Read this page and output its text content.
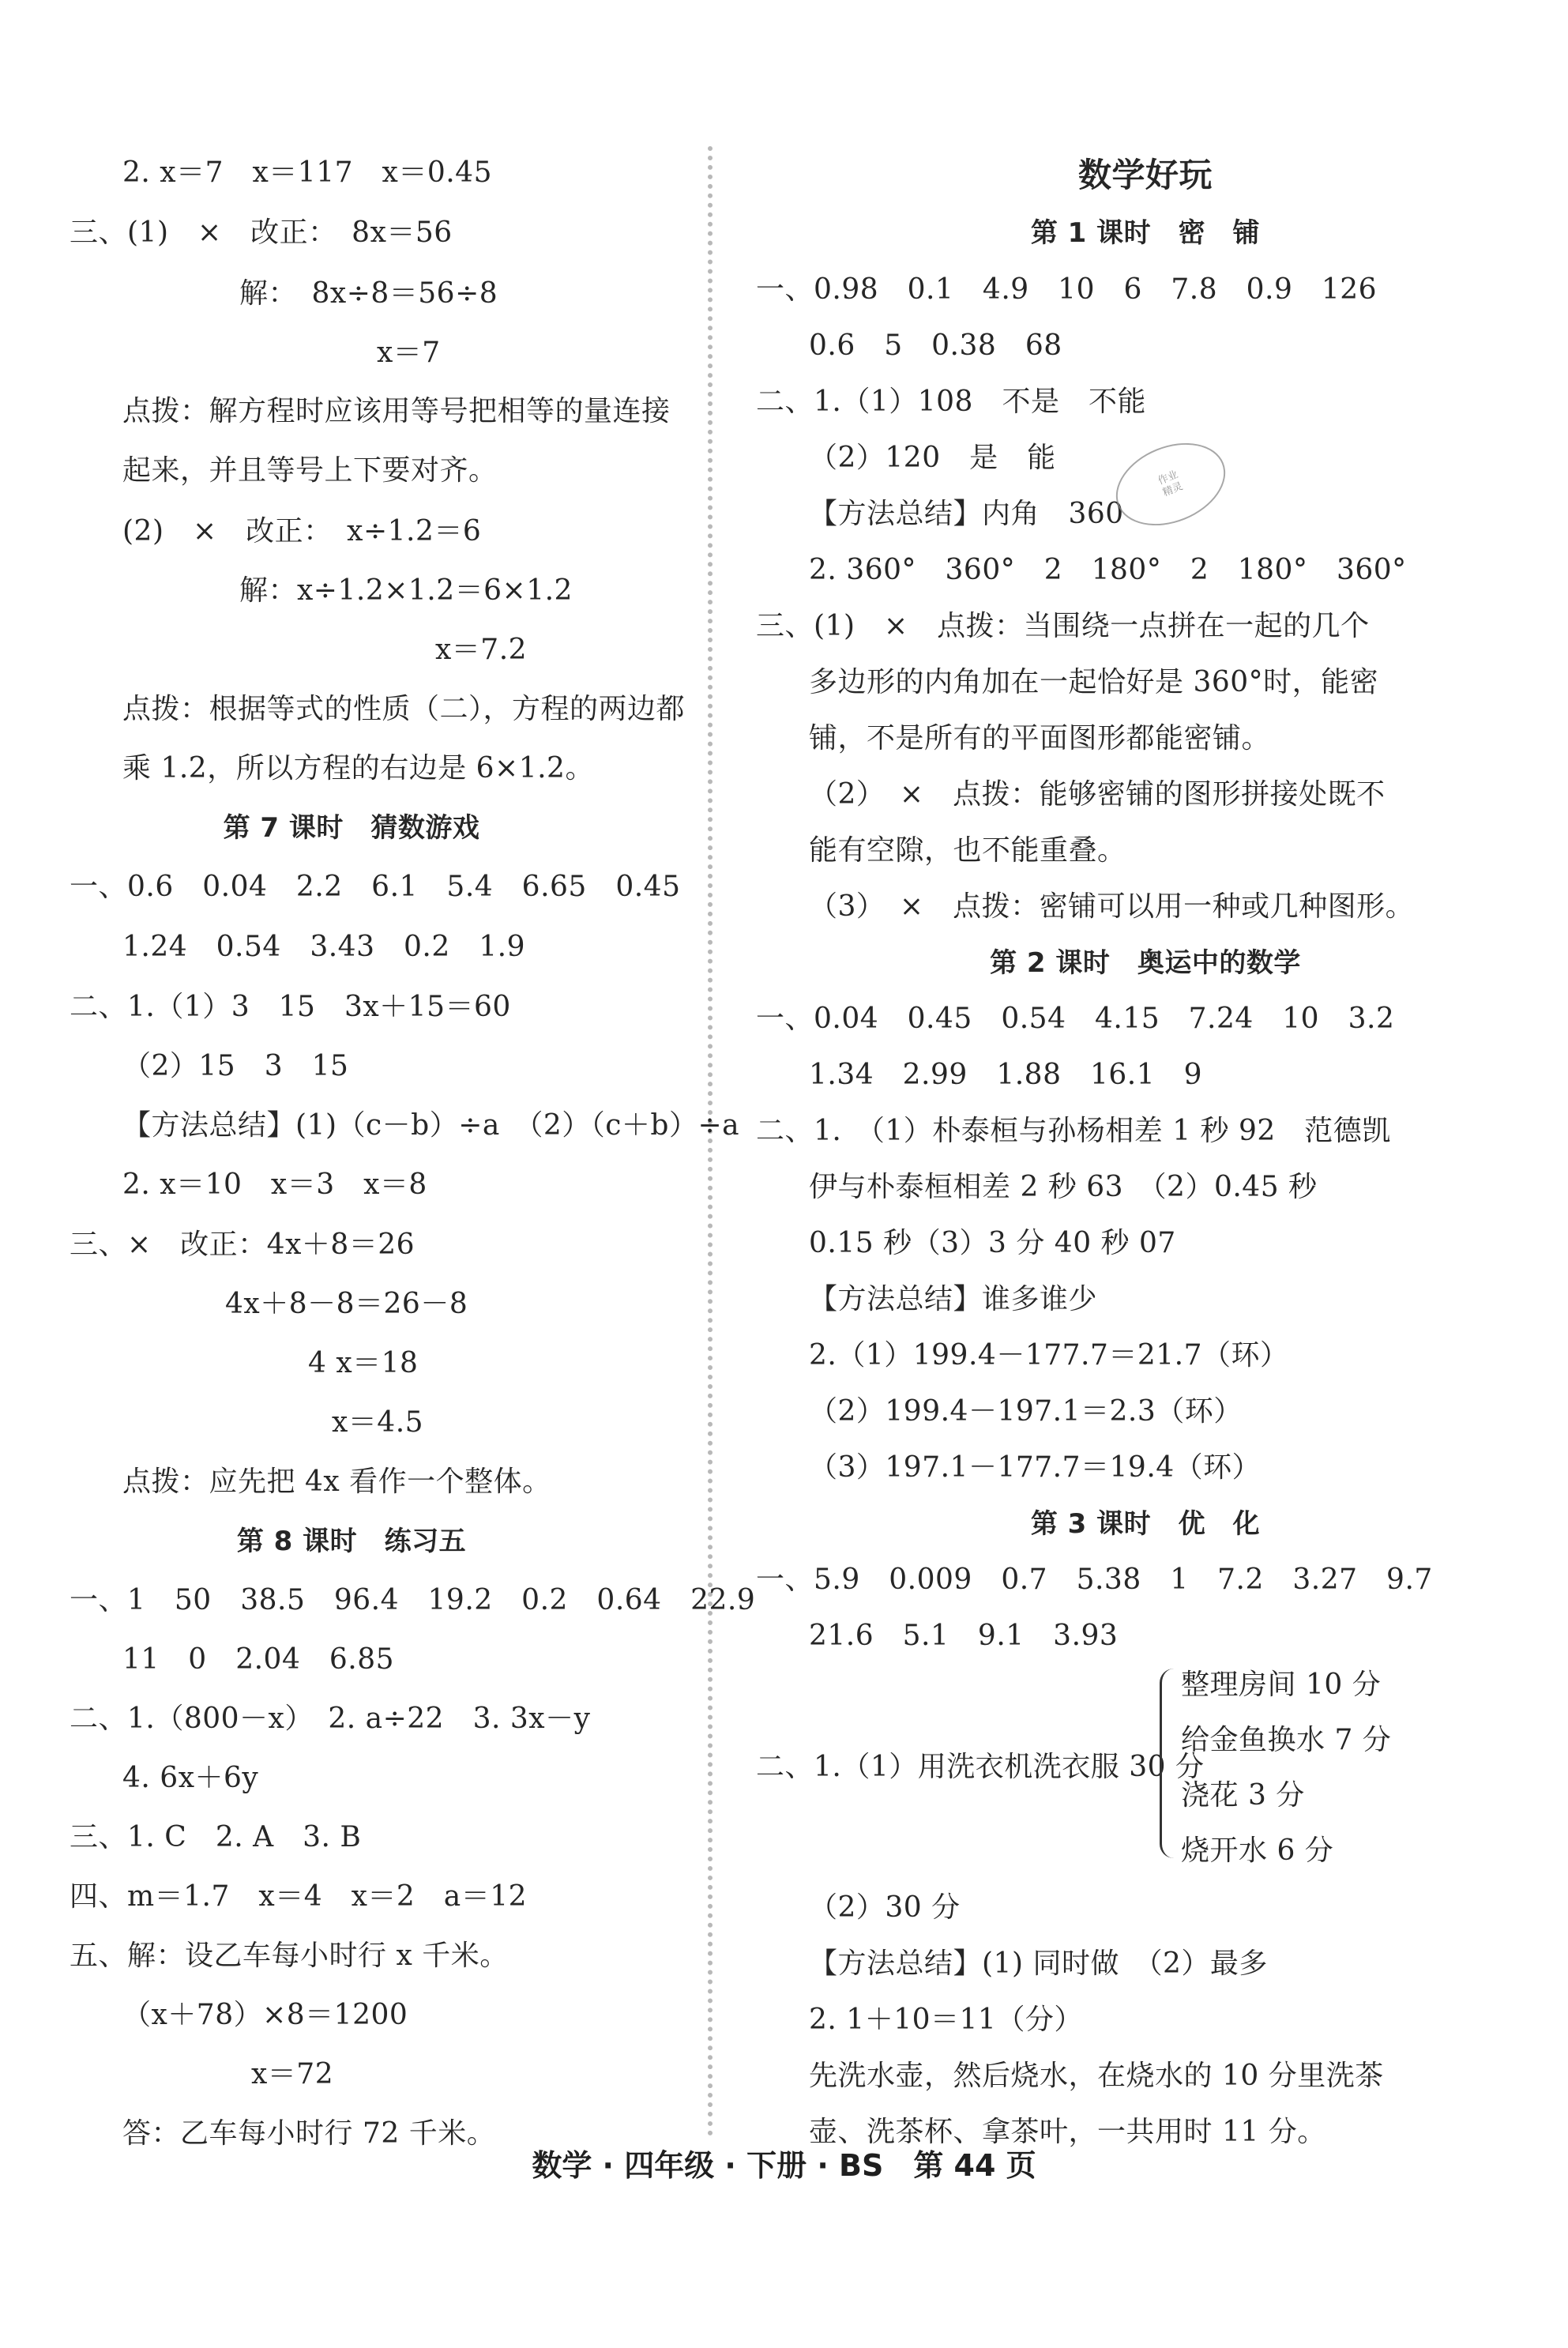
2. x＝7　x＝117　x＝0.45
三、(1)　×　改正：　8x＝56
解：　8x÷8＝56÷8
x＝7
点拨：解方程时应该用等号把相等的量连接
起来，并且等号上下要对齐。
(2)　×　改正：　x÷1.2＝6
解：x÷1.2×1.2＝6×1.2
x＝7.2
点拨：根据等式的性质（二），方程的两边都
乘 1.2，所以方程的右边是 6×1.2。
第 7 课时　猜数游戏
一、0.6　0.04　2.2　6.1　5.4　6.65　0.45
1.24　0.54　3.43　0.2　1.9
二、1.（1）3　15　3x＋15＝60
（2）15　3　15
【方法总结】(1)（c－b）÷a　（2）（c＋b）÷a
2. x＝10　x＝3　x＝8
三、×　改正：4x＋8＝26
4x＋8－8＝26－8
4 x＝18
x＝4.5
点拨：应先把 4x 看作一个整体。
第 8 课时　练习五
一、1　50　38.5　96.4　19.2　0.2　0.64　22.9
11　0　2.04　6.85
二、1.（800－x）　2. a÷22　3. 3x－y
4. 6x＋6y
三、1. C　2. A　3. B
四、m＝1.7　x＝4　x＝2　a＝12
五、解：设乙车每小时行 x 千米。
（x＋78）×8＝1200
x＝72
答：乙车每小时行 72 千米。
数学好玩
第 1 课时　密　铺
一、0.98　0.1　4.9　10　6　7.8　0.9　126
0.6　5　0.38　68
二、1.（1）108　不是　不能
（2）120　是　能
【方法总结】内角　360
2. 360°　360°　2　180°　2　180°　360°
三、(1)　×　点拨：当围绕一点拼在一起的几个
多边形的内角加在一起恰好是 360°时，能密
铺，不是所有的平面图形都能密铺。
（2）　×　点拨：能够密铺的图形拼接处既不
能有空隙，也不能重叠。
（3）　×　点拨：密铺可以用一种或几种图形。
第 2 课时　奥运中的数学
一、0.04　0.45　0.54　4.15　7.24　10　3.2
1.34　2.99　1.88　16.1　9
二、1.　（1）朴泰桓与孙杨相差 1 秒 92　范德凯
伊与朴泰桓相差 2 秒 63　（2）0.45 秒
0.15 秒（3）3 分 40 秒 07
【方法总结】谁多谁少
2.（1）199.4－177.7＝21.7（环）
（2）199.4－197.1＝2.3（环）
（3）197.1－177.7＝19.4（环）
第 3 课时　优　化
一、5.9　0.009　0.7　5.38　1　7.2　3.27　9.7
21.6　5.1　9.1　3.93
二、1.（1）用洗衣机洗衣服 30 分
整理房间 10 分
给金鱼换水 7 分
浇花 3 分
烧开水 6 分
（2）30 分
【方法总结】(1) 同时做　（2）最多
2. 1＋10＝11（分）
先洗水壶，然后烧水，在烧水的 10 分里洗茶
壶、洗茶杯、拿茶叶，一共用时 11 分。
作业
精灵
数学 · 四年级 · 下册 · BS　第 44 页
